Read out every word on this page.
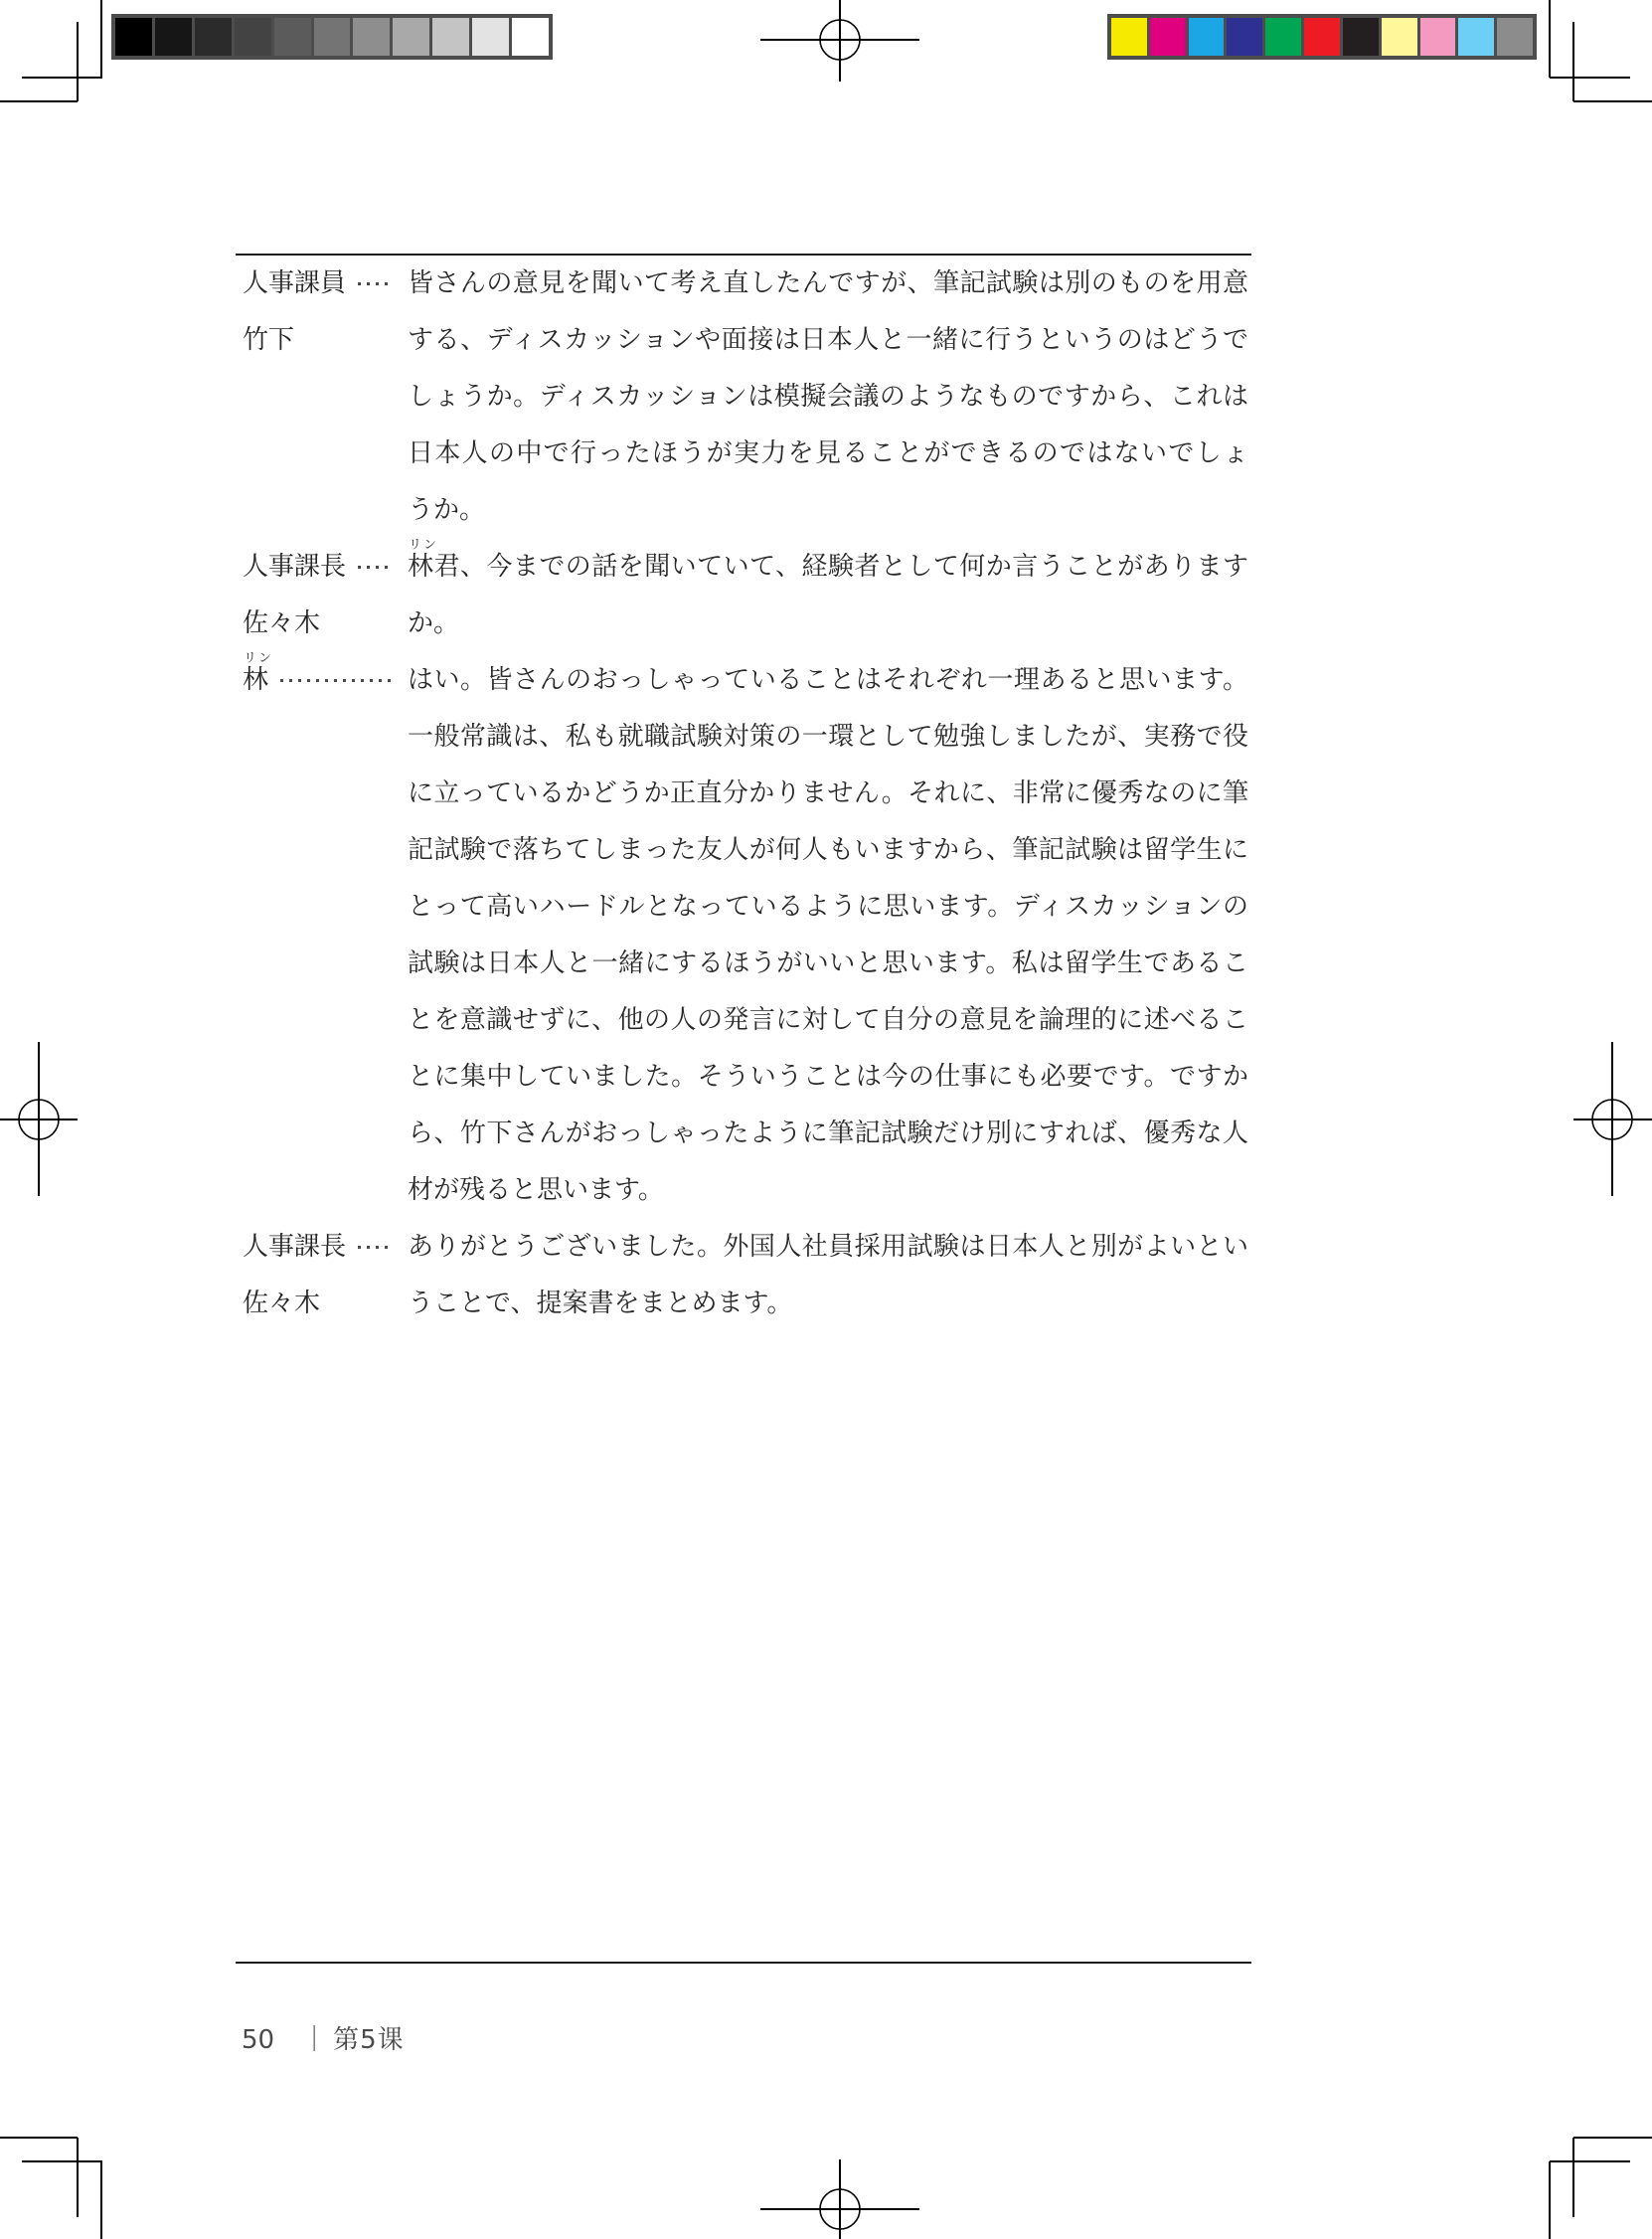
人事課員
竹下
皆さんの意見を聞いて考え直したんですが、筆記試験は別のものを用意
する、ディスカッションや面接は日本人と一緒に行うというのはどうで
しょうか。ディスカッションは模擬会議のようなものですから、これは
日本人の中で行ったほうが実力を見ることができるのではないでしょ
うか。
人事課長
佐々木
リン
林君、今までの話を聞いていて、経験者として何か言うことがあります
か。
リン
林	はい。皆さんのおっしゃっていることはそれぞれ一理あると思います。
一般常識は、私も就職試験対策の一環として勉強しましたが、実務で役
に立っているかどうか正直分かりません。それに、非常に優秀なのに筆
記試験で落ちてしまった友人が何人もいますから、筆記試験は留学生に
とって高いハードルとなっているように思います。ディスカッションの
試験は日本人と一緒にするほうがいいと思います。私は留学生であるこ
とを意識せずに、他の人の発言に対して自分の意見を論理的に述べるこ
とに集中していました。そういうことは今の仕事にも必要です。ですか
ら、竹下さんがおっしゃったように筆記試験だけ別にすれば、優秀な人
材が残ると思います。
人事課長
佐々木
ありがとうございました。外国人社員採用試験は日本人と別がよいとい
うことで、提案書をまとめます。
50 ｜ 第5课
